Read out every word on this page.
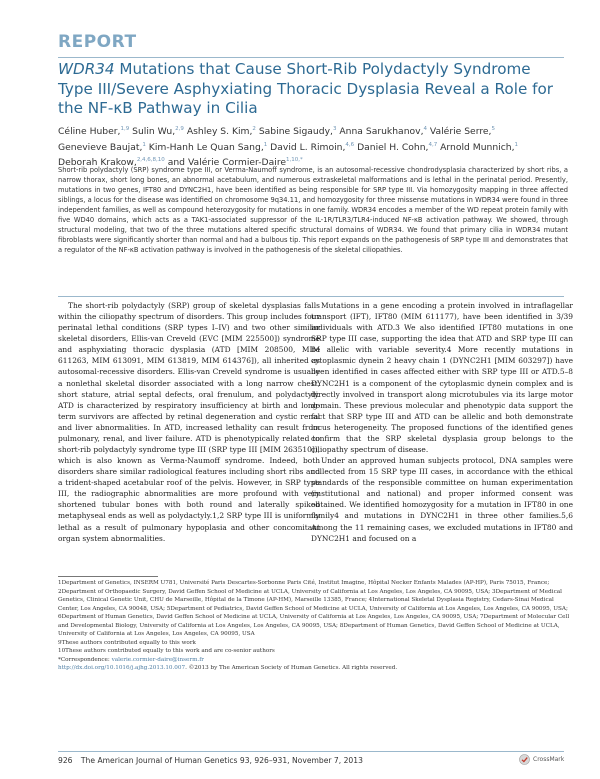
REPORT
WDR34 Mutations that Cause Short-Rib Polydactyly Syndrome Type III/Severe Asphyxiating Thoracic Dysplasia Reveal a Role for the NF-κB Pathway in Cilia
Céline Huber,$^{1,9}$ Sulin Wu,$^{2,9}$ Ashley S. Kim,$^2$ Sabine Sigaudy,$^3$ Anna Sarukhanov,$^4$ Valérie Serre,$^5$ Genevieve Baujat,$^1$ Kim-Hanh Le Quan Sang,$^1$ David L. Rimoin,$^{4,6}$ Daniel H. Cohn,$^{4,7}$ Arnold Munnich,$^1$ Deborah Krakow,$^{2,4,6,8,10}$ and Valérie Cormier-Daire$^{1,10,*}$

Short-rib polydactyly (SRP) syndrome type III, or Verma-Naumoff syndrome, is an autosomal-recessive chondrodysplasia characterized by short ribs, a narrow thorax, short long bones, an abnormal acetabulum, and numerous extraskeletal malformations and is lethal in the perinatal period. Presently, mutations in two genes, IFT80 and DYNC2H1, have been identified as being responsible for SRP type III. Via homozygosity mapping in three affected siblings, a locus for the disease was identified on chromosome 9q34.11, and homozygosity for three missense mutations in WDR34 were found in three independent families, as well as compound heterozygosity for mutations in one family. WDR34 encodes a member of the WD repeat protein family with five WD40 domains, which acts as a TAK1-associated suppressor of the IL-1R/TLR3/TLR4-induced NF-κB activation pathway. We showed, through structural modeling, that two of the three mutations altered specific structural domains of WDR34. We found that primary cilia in WDR34 mutant fibroblasts were significantly shorter than normal and had a bulbous tip. This report expands on the pathogenesis of SRP type III and demonstrates that a regulator of the NF-κB activation pathway is involved in the pathogenesis of the skeletal ciliopathies.

The short-rib polydactyly (SRP) group of skeletal dysplasias falls within the ciliopathy spectrum of disorders. This group includes four perinatal lethal conditions (SRP types I–IV) and two other similar skeletal disorders, Ellis-van Creveld (EVC [MIM 225500]) syndrome and asphyxiating thoracic dysplasia (ATD [MIM 208500, MIM 611263, MIM 613091, MIM 613819, MIM 614376]), all inherited as autosomal-recessive disorders. Ellis-van Creveld syndrome is usually a nonlethal skeletal disorder associated with a long narrow chest, short stature, atrial septal defects, oral frenulum, and polydactyly. ATD is characterized by respiratory insufficiency at birth and long-term survivors are affected by retinal degeneration and cystic renal and liver abnormalities. In ATD, increased lethality can result from pulmonary, renal, and liver failure. ATD is phenotypically related to short-rib polydactyly syndrome type III (SRP type III [MIM 263510]), which is also known as Verma-Naumoff syndrome. Indeed, both disorders share similar radiological features including short ribs and a trident-shaped acetabular roof of the pelvis. However, in SRP type III, the radiographic abnormalities are more profound with very shortened tubular bones with both round and laterally spiked metaphyseal ends as well as polydactyly.1,2 SRP type III is uniformly lethal as a result of pulmonary hypoplasia and other concomitant organ system abnormalities.

Mutations in a gene encoding a protein involved in intraflagellar transport (IFT), IFT80 (MIM 611177), have been identified in 3/39 individuals with ATD.3 We also identified IFT80 mutations in one SRP type III case, supporting the idea that ATD and SRP type III can be allelic with variable severity.4 More recently mutations in cytoplasmic dynein 2 heavy chain 1 (DYNC2H1 [MIM 603297]) have been identified in cases affected either with SRP type III or ATD.5–8 DYNC2H1 is a component of the cytoplasmic dynein complex and is directly involved in transport along microtubules via its large motor domain. These previous molecular and phenotypic data support the fact that SRP type III and ATD can be allelic and both demonstrate locus heterogeneity. The proposed functions of the identified genes confirm that the SRP skeletal dysplasia group belongs to the ciliopathy spectrum of disease.

Under an approved human subjects protocol, DNA samples were collected from 15 SRP type III cases, in accordance with the ethical standards of the responsible committee on human experimentation (institutional and national) and proper informed consent was obtained. We identified homozygosity for a mutation in IFT80 in one family4 and mutations in DYNC2H1 in three other families.5,6 Among the 11 remaining cases, we excluded mutations in IFT80 and DYNC2H1 and focused on a

1Department of Genetics, INSERM U781, Université Paris Descartes-Sorbonne Paris Cité, Institut Imagine, Hôpital Necker Enfants Malades (AP-HP), Paris 75015, France; 2Department of Orthopaedic Surgery, David Geffen School of Medicine at UCLA, University of California at Los Angeles, Los Angeles, CA 90095, USA; 3Department of Medical Genetics, Clinical Genetic Unit, CHU de Marseille, Hôpital de la Timone (AP-HM), Marseille 13385, France; 4International Skeletal Dysplasia Registry, Cedars-Sinai Medical Center, Los Angeles, CA 90048, USA; 5Department of Pediatrics, David Geffen School of Medicine at UCLA, University of California at Los Angeles, Los Angeles, CA 90095, USA; 6Department of Human Genetics, David Geffen School of Medicine at UCLA, University of California at Los Angeles, Los Angeles, CA 90095, USA; 7Department of Molecular Cell and Developmental Biology, University of California at Los Angeles, Los Angeles, CA 90095, USA; 8Department of Human Genetics, David Geffen School of Medicine at UCLA, University of California at Los Angeles, Los Angeles, CA 90095, USA
9These authors contributed equally to this work
10These authors contributed equally to this work and are co-senior authors
*Correspondence: valerie.cormier-daire@inserm.fr
http://dx.doi.org/10.1016/j.ajhg.2013.10.007. ©2013 by The American Society of Human Genetics. All rights reserved.
926 The American Journal of Human Genetics 93, 926–931, November 7, 2013	CrossMark
